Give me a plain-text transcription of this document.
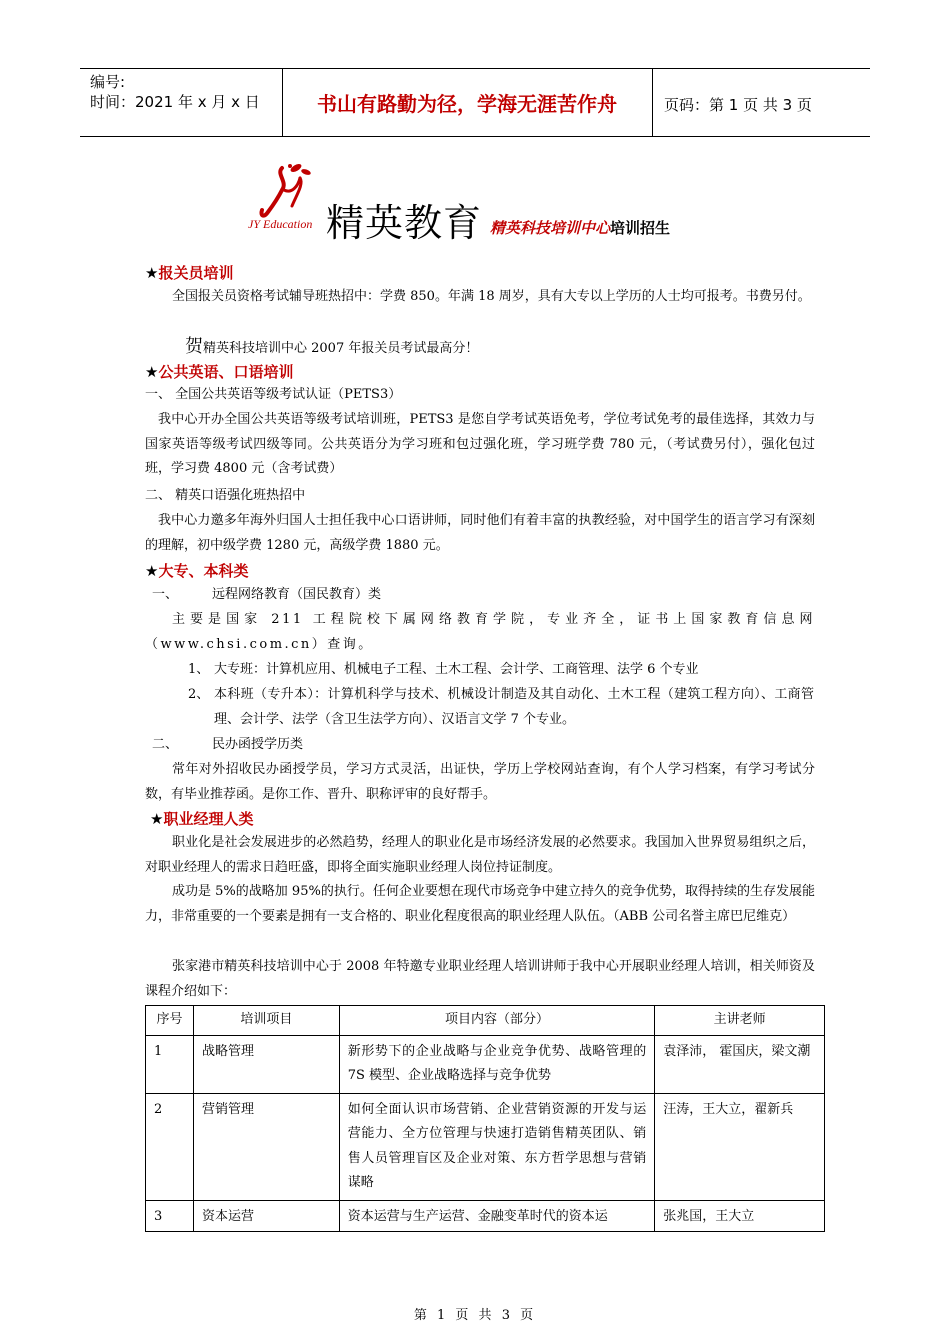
编号:
时间：2021 年 x 月 x 日	书山有路勤为径，学海无涯苦作舟	页码：第 1 页 共 3 页
JY Education 精英教育 精英科技培训中心培训招生
★报关员培训
全国报关员资格考试辅导班热招中：学费 850。年满 18 周岁，具有大专以上学历的人士均可报考。书费另付。
贺精英科技培训中心 2007 年报关员考试最高分！
★公共英语、口语培训
一、 全国公共英语等级考试认证（PETS3）
我中心开办全国公共英语等级考试培训班，PETS3 是您自学考试英语免考，学位考试免考的最佳选择，其效力与国家英语等级考试四级等同。公共英语分为学习班和包过强化班，学习班学费 780 元，（考试费另付），强化包过班，学习费 4800 元（含考试费）
二、 精英口语强化班热招中
我中心力邀多年海外归国人士担任我中心口语讲师，同时他们有着丰富的执教经验，对中国学生的语言学习有深刻的理解，初中级学费 1280 元，高级学费 1880 元。
★大专、本科类
一、	远程网络教育（国民教育）类
主要是国家 211 工程院校下属网络教育学院，专业齐全，证书上国家教育信息网（www.chsi.com.cn）查询。
1、 大专班：计算机应用、机械电子工程、土木工程、会计学、工商管理、法学 6 个专业
2、 本科班（专升本）：计算机科学与技术、机械设计制造及其自动化、土木工程（建筑工程方向）、工商管理、会计学、法学（含卫生法学方向）、汉语言文学 7 个专业。
二、	民办函授学历类
常年对外招收民办函授学员，学习方式灵活，出证快，学历上学校网站查询，有个人学习档案，有学习考试分数，有毕业推荐函。是你工作、晋升、职称评审的良好帮手。
★职业经理人类
职业化是社会发展进步的必然趋势，经理人的职业化是市场经济发展的必然要求。我国加入世界贸易组织之后，对职业经理人的需求日趋旺盛，即将全面实施职业经理人岗位持证制度。
成功是 5%的战略加 95%的执行。任何企业要想在现代市场竞争中建立持久的竞争优势，取得持续的生存发展能力，非常重要的一个要素是拥有一支合格的、职业化程度很高的职业经理人队伍。（ABB 公司名誉主席巴尼维克）
张家港市精英科技培训中心于 2008 年特邀专业职业经理人培训讲师于我中心开展职业经理人培训，相关师资及课程介绍如下：
序号	培训项目	项目内容（部分）	主讲老师
1	战略管理	新形势下的企业战略与企业竞争优势、战略管理的 7S 模型、企业战略选择与竞争优势	袁泽沛， 霍国庆，梁文潮
2	营销管理	如何全面认识市场营销、企业营销资源的开发与运营能力、全方位管理与快速打造销售精英团队、销售人员管理盲区及企业对策、东方哲学思想与营销谋略	汪涛，王大立，翟新兵
3	资本运营	资本运营与生产运营、金融变革时代的资本运	张兆国，王大立
第 1 页 共 3 页
